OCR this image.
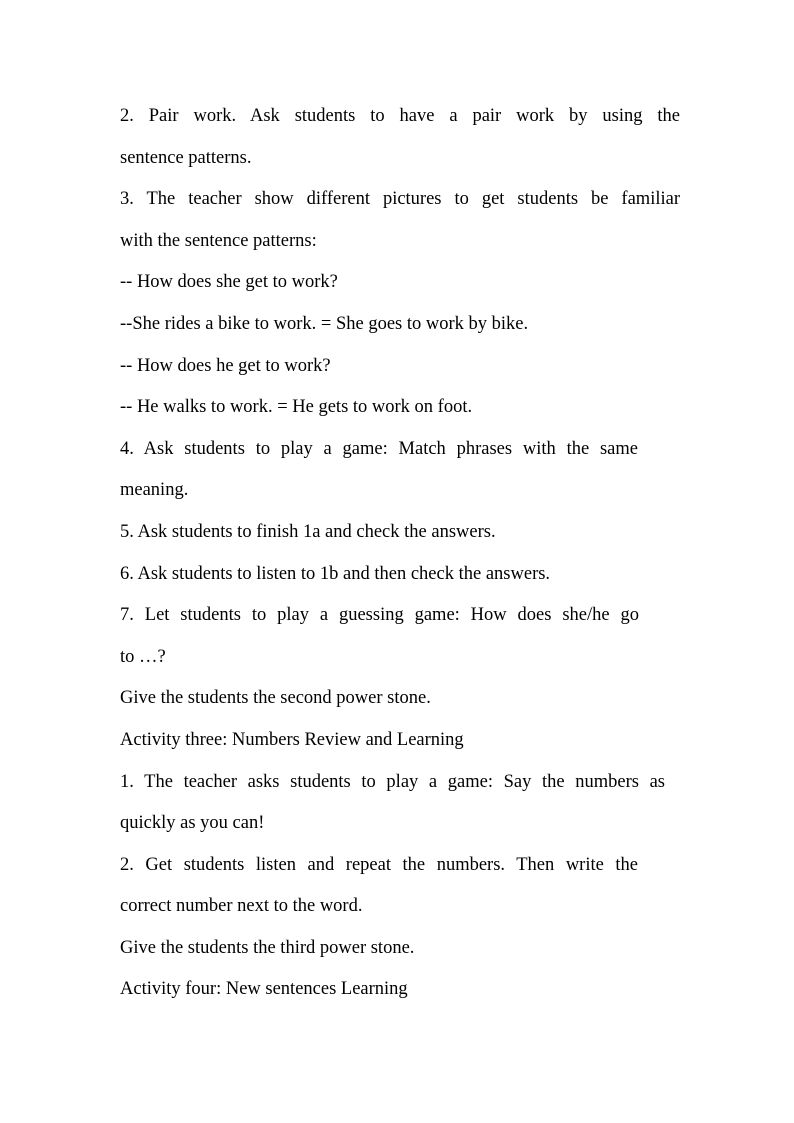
2. Pair work. Ask students to have a pair work by using the
sentence patterns.
3. The teacher show different pictures to get students be familiar
with the sentence patterns:
-- How does she get to work?
--She rides a bike to work. = She goes to work by bike.
-- How does he get to work?
-- He walks to work. = He gets to work on foot.
4. Ask students to play a game: Match phrases with the same
meaning.
5. Ask students to finish 1a and check the answers.
6. Ask students to listen to 1b and then check the answers.
7. Let students to play a guessing game: How does she/he go
to …?
Give the students the second power stone.
Activity three: Numbers Review and Learning
1. The teacher asks students to play a game: Say the numbers as
quickly as you can!
2. Get students listen and repeat the numbers. Then write the
correct number next to the word.
Give the students the third power stone.
Activity four: New sentences Learning
